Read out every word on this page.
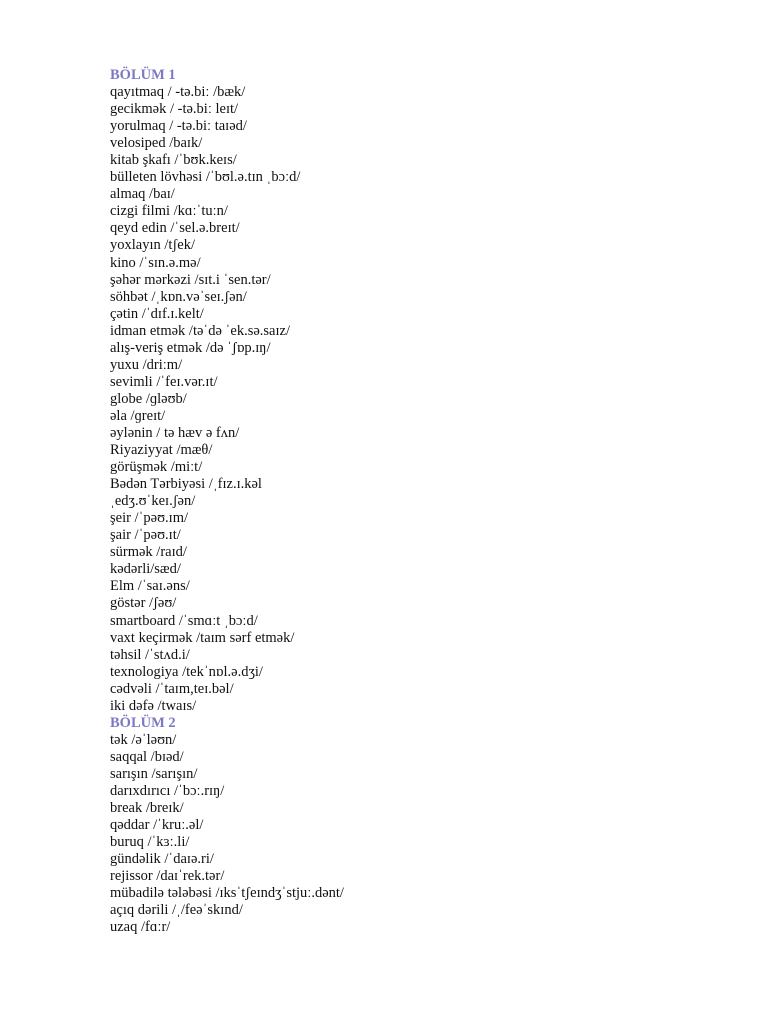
BÖLÜM 1
qayıtmaq / -tə.biː /bæk/
gecikmək / -tə.biː leɪt/
yorulmaq / -tə.biː taɪəd/
velosiped /baɪk/
kitab şkafı /ˈbʊk.keɪs/
bülleten lövhəsi /ˈbʊl.ə.tɪn ˌbɔːd/
almaq /baɪ/
cizgi filmi /kɑːˈtuːn/
qeyd edin /ˈsel.ə.breɪt/
yoxlayın /tʃek/
kino /ˈsɪn.ə.mə/
şəhər mərkəzi /sɪt.i ˈsen.tər/
söhbət /ˌkɒn.vəˈseɪ.ʃən/
çətin /ˈdɪf.ɪ.kelt/
idman etmək /təˈdə ˈek.sə.saɪz/
alış-veriş etmək /də ˈʃɒp.ɪŋ/
yuxu /driːm/
sevimli /ˈfeɪ.vər.ɪt/
globe /ɡləʊb/
əla /ɡreɪt/
əylənin / tə hæv ə fʌn/
Riyaziyyat /mæθ/
görüşmək /miːt/
Bədən Tərbiyəsi /ˌfɪz.ɪ.kəl
ˌedʒ.ʊˈkeɪ.ʃən/
şeir /ˈpəʊ.ɪm/
şair /ˈpəʊ.ɪt/
sürmək /raɪd/
kədərli/sæd/
Elm /ˈsaɪ.əns/
göstər /ʃəʊ/
smartboard /ˈsmɑːt ˌbɔːd/
vaxt keçirmək /taɪm sərf etmək/
təhsil /ˈstʌd.i/
texnologiya /tekˈnɒl.ə.dʒi/
cədvəli /ˈtaɪm,teɪ.bəl/
iki dəfə /twaɪs/
BÖLÜM 2
tək /əˈləʊn/
saqqal /bɪəd/
sarışın /sarışın/
darıxdırıcı /ˈbɔː.rɪŋ/
break /breɪk/
qəddar /ˈkruː.əl/
buruq /ˈkɜː.li/
gündəlik /ˈdaɪə.ri/
rejissor /daɪˈrek.tər/
mübadilə tələbəsi /ɪksˈtʃeɪndʒˈstjuː.dənt/
açıq dərili /ˌ/feəˈskɪnd/
uzaq /fɑːr/
